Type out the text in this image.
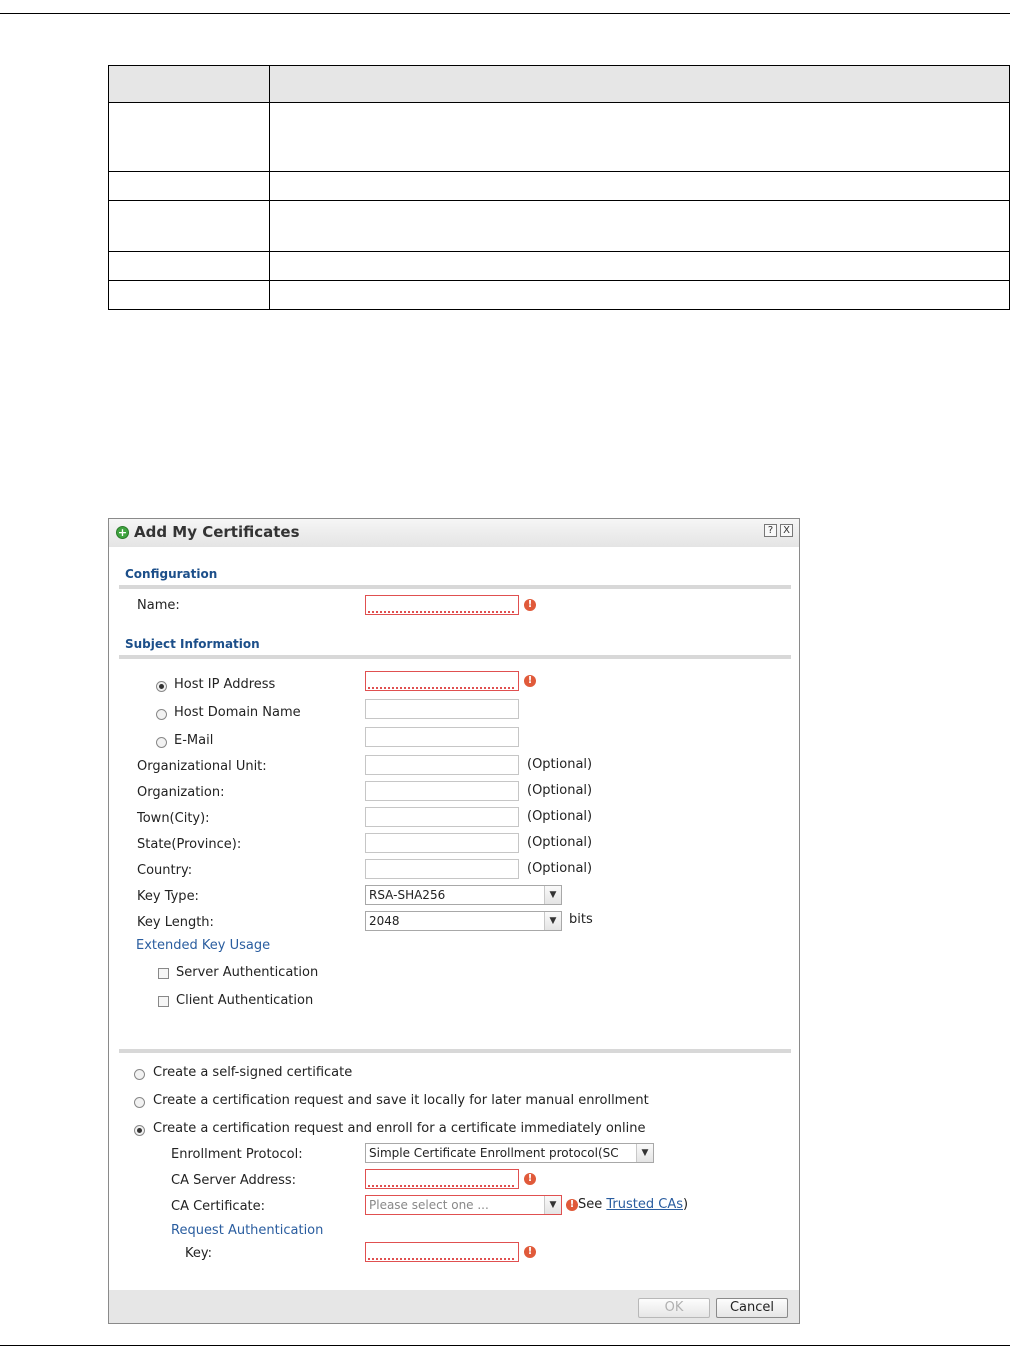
+ Add My Certificates	? X
Configuration
Name:	!
Subject Information
Host IP Address	!
Host Domain Name
E-Mail
Organizational Unit:	(Optional)
Organization:	(Optional)
Town(City):	(Optional)
State(Province):	(Optional)
Country:	(Optional)
Key Type:	RSA-SHA256	▼
Key Length:	2048	▼ bits
Extended Key Usage
Server Authentication
Client Authentication
Create a self-signed certificate
Create a certification request and save it locally for later manual enrollment
Create a certification request and enroll for a certificate immediately online
Enrollment Protocol:	Simple Certificate Enrollment protocol(SC	▼
CA Server Address:	!
CA Certificate:	Please select one ...	▼	! See Trusted CAs)
Request Authentication
Key:	!
OK	Cancel
